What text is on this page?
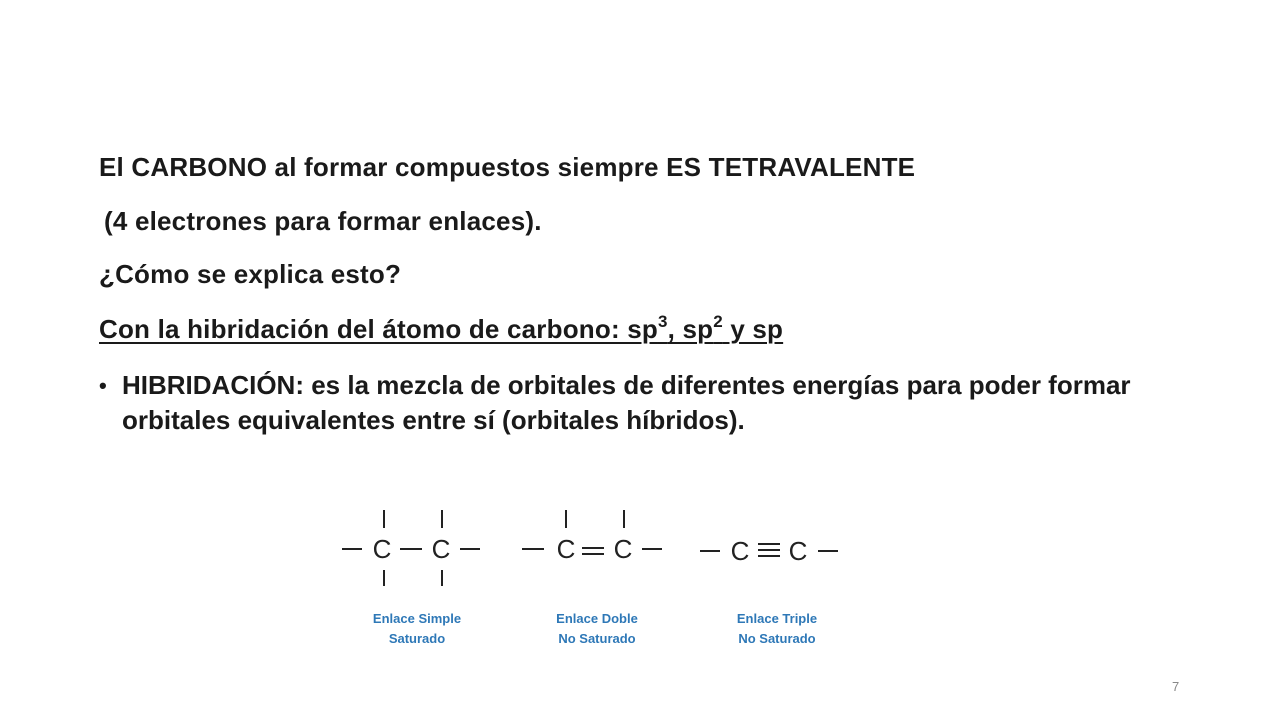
El CARBONO al formar compuestos siempre ES TETRAVALENTE
(4 electrones para formar enlaces).
¿Cómo se explica esto?
Con la hibridación del átomo de carbono: $sp^3$, $sp^2$ y sp
• HIBRIDACIÓN: es la mezcla de orbitales de diferentes energías para poder formar orbitales equivalentes entre sí (orbitales híbridos).
C C	C C	C C
Enlace Simple
Saturado
Enlace Doble
No Saturado
Enlace Triple
No Saturado
7
